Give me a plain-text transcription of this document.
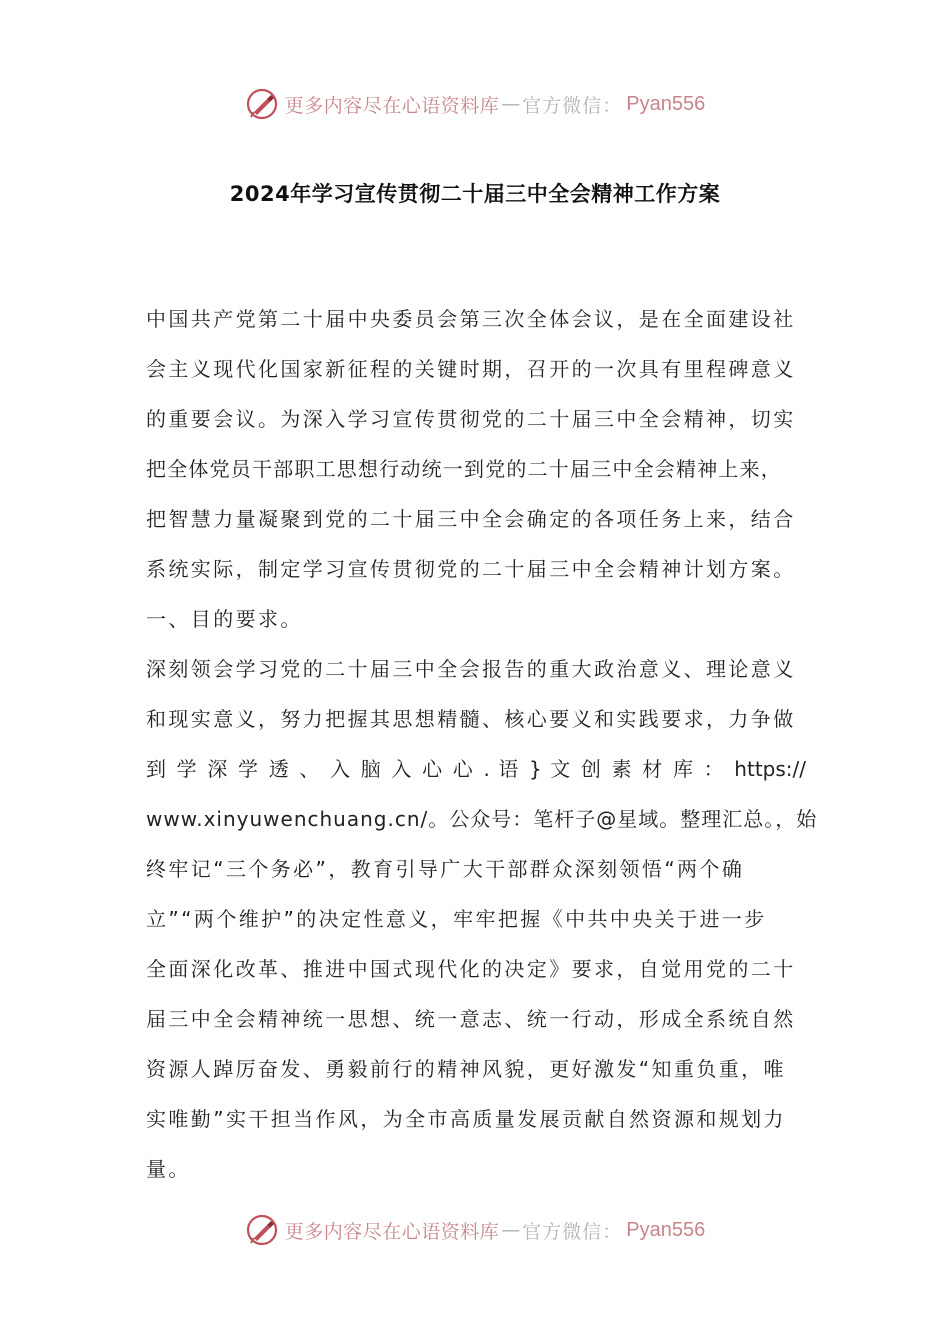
更多内容尽在心语资料库 — 官方微信： Pyan556
2024年学习宣传贯彻二十届三中全会精神工作方案
中国共产党第二十届中央委员会第三次全体会议，是在全面建设社
会主义现代化国家新征程的关键时期，召开的一次具有里程碑意义
的重要会议。为深入学习宣传贯彻党的二十届三中全会精神，切实
把全体党员干部职工思想行动统一到党的二十届三中全会精神上来，
把智慧力量凝聚到党的二十届三中全会确定的各项任务上来，结合
系统实际，制定学习宣传贯彻党的二十届三中全会精神计划方案。
一、目的要求。
深刻领会学习党的二十届三中全会报告的重大政治意义、理论意义
和现实意义，努力把握其思想精髓、核心要义和实践要求，力争做
到 学 深 学 透 、 入 脑 入 心 心 . 语 } 文 创 素 材 库 ： https://
www.xinyuwenchuang.cn/。公众号：笔杆子@星域。整理汇总。，始
终牢记“三个务必”，教育引导广大干部群众深刻领悟“两个确
立”“两个维护”的决定性意义，牢牢把握《中共中央关于进一步
全面深化改革、推进中国式现代化的决定》要求，自觉用党的二十
届三中全会精神统一思想、统一意志、统一行动，形成全系统自然
资源人踔厉奋发、勇毅前行的精神风貌，更好激发“知重负重，唯
实唯勤”实干担当作风，为全市高质量发展贡献自然资源和规划力
量。
更多内容尽在心语资料库 — 官方微信： Pyan556
